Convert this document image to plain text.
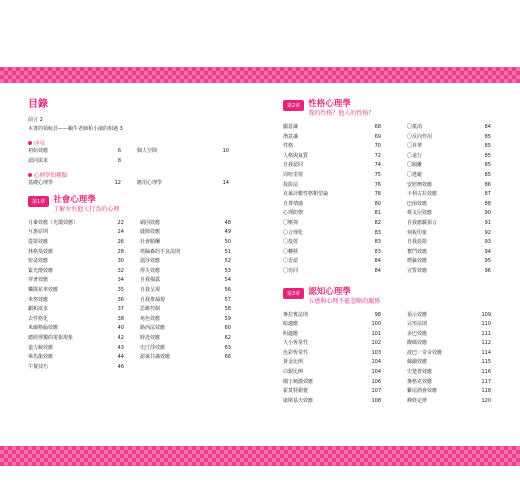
目錄
前言 2
本書的領航員——蝸牛老師和小淑的相遇 3
序章
初始效應	6	個人空間	10
認同需求	8
心理學的種類
基礎心理學	12	應用心理學	14
第1章 社會心理學
了解左右他人行為的心理
月暈效應（光環效應）	22	刷因效應	48
互惠原則	24	縫隙效應	49
從眾效應	26	社會賭酬	50
林格曼效應	28	堵偏森的不良法則	51
密侖效應	30	溫莎效應	52
緊光燈效應	32	得失效應	53
穿著效應	34	自我揭露	54
樂隊花車效應	35	自我呈現	56
米努效應	36	自我推漏規	57
劇和欲求	37	思維控制	58
去性格化	38	角色效應	59
米爾格倫效應	40	路西法效應	60
總經理獨的電報現象	42	時近效應	62
道力鏡效應	43	史汀莎效應	63
畢馬龍效應	44	認孫共識效應	66
午餐技巧	46
第2章 性格心理學
我的性格？他人的性格？
顯意識	68	〇抵消	84
潛意識	69	〇反向作用	85
性格	70	〇昇華	85
人格與氣質	72	〇退行	85
自我認同	74	〇隔離	85
周哈里窗	75	〇逃避	85
投影法	76	安慰劑效應	86
克萊計數性格類型論	78	卡利古拉效應	87
自尊情感	80	巴南效應	88
心理防禦	81	蔡戈尼效應	90
〇壓抑	82	自我應驗預言	91
〇合理化	83	刻板印象	92
〇投射	83	自我設限	93
〇轉移	83	奮鬥效應	94
〇否認	84	標籤效應	95
〇仿同	84	宣誓效應	96
第3章 認知心理學
五感與心理不能忽略的關係
麥拉賓法則	98	預示效應	109
暗適應	100	完形法則	110
明適應	101	多巴效應	111
大小恆常性	102	酸碼效應	112
色彩恆常性	103	波巴／奇奇效應	114
黃金比例	104	絲緞效應	115
白銀比例	104	史楚普效應	116
閾下刺激效應	106	麥格克效應	117
霍莫特錯覺	107	雞尾酒會效應	118
康斯基夫效應	108	峰終定律	120
